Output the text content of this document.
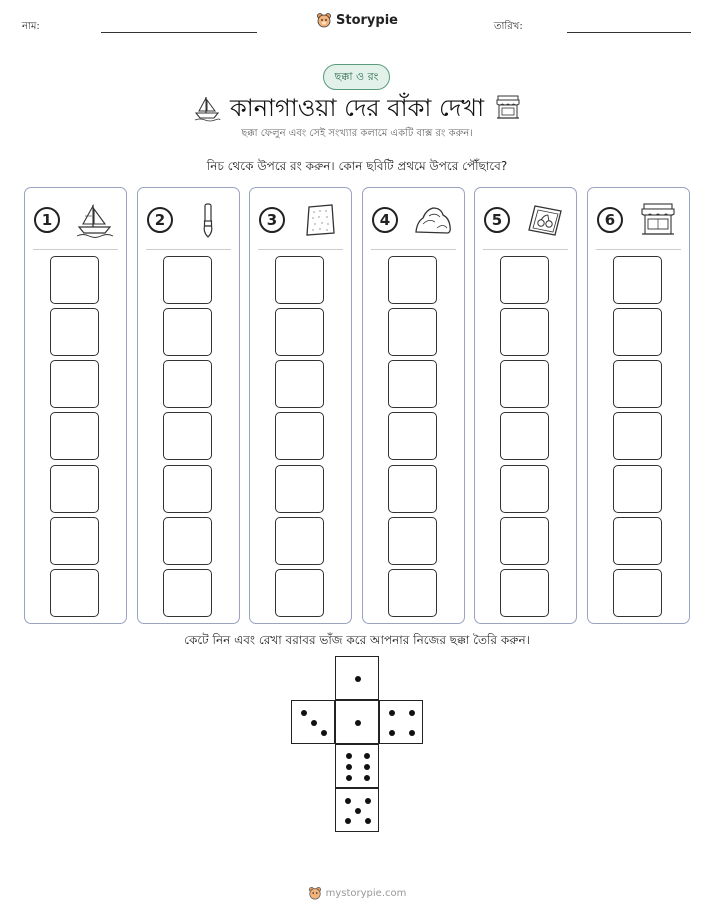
নাম:	Storypie	তারিখ:
ছক্কা ও রং
কানাগাওয়া দের বাঁকা দেখা
ছক্কা ফেলুন এবং সেই সংখ্যার কলামে একটি বাক্স রং করুন।
নিচ থেকে উপরে রং করুন। কোন ছবিটি প্রথমে উপরে পৌঁছাবে?
1	2	3	4	5	6
কেটে নিন এবং রেখা বরাবর ভাঁজ করে আপনার নিজের ছক্কা তৈরি করুন।
mystorypie.com
